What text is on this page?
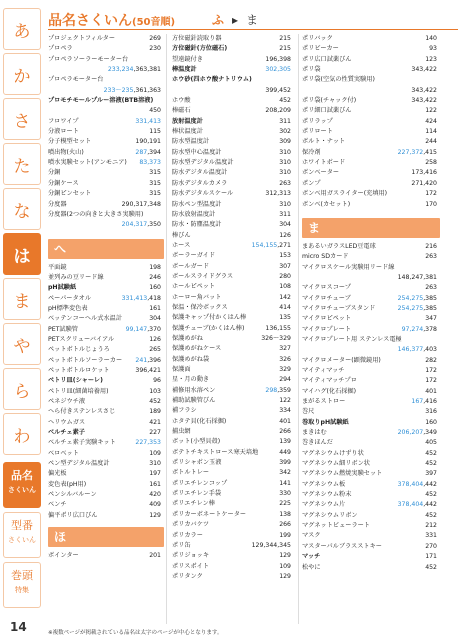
あ
か
さ
た
な
は
ま
や
ら
わ
品名
さくいん
型番
さくいん
巻頭
特集
14
品名さくいん(50音順)	ふ ▸ ま
プロジェクトフィルター	269
プロペラ	230
プロペラソーラーモーター台
233,234,363,381
プロペラモーター台
233～235,361,363
プロモチモールプルー溶液(BTB溶液)
450
フロワイプ	331,413
分液ロート	115
分子模型セット	190,191
噴出物(火山)	287,394
噴水実験セット(アンモニア) 83,373
分銅	315
分銅ケース	315
分銅ピンセット	315
分度器	290,317,348
分度器(2つの向きと大きさ実験用)
204,317,350
へ
平面鏡	198
並列みの豆リード線	246
pH試験紙	160
ペーパータオル	331,413,418
pH標準変色表	161
ベッテンコーヘル式水温計	304
PET試験管	99,147,370
PETスクリューバイアル	126
ペットボトルじょうろ	265
ペットボトルソーラーカー 241,396
ペットボトルロケット	396,421
ペトリ皿(シャーレ)	96
ペトリ皿(細菌培養用)	103
ペネジウチ液	452
ヘら付きステンレスさじ	189
ヘリウムガス	421
ベルチェ素子	227
ベルチェ素子実験キット	227,353
ベロベット	109
ペン型デジタル温度計	310
偏光板	197
変色表(pH用)	161
ペンシルバルーン	420
ベンチ	409
偏平ポリ広口びん	129
ほ
ボインター	201
方位磁針読取り器	215
方位磁針(方位磁石)	215
望遠鏡付き	196,398
棒温度計	302,305
ホウ砂(四ホウ酸ナトリウム)
399,452
ホウ酸	452
棒磁石	208,209
放射温度計	311
棒状温度計	302
防水型温度計	309
防水型中心温度計	310
防水型デジタル温度計	310
防水デジタル温度計	310
防水デジタルカメラ	263
防水デジタルスケール	312,313
防水ペン型温度計	310
防水放射温度計	311
防水・防塵温度計	304
棒びん	126
ホース	154,155,271
ボーラーガイド	153
ボールガード	307
ボールスライドグラス	280
ホールピペット	108
ホーロー角バット	142
保温・保冷ボックス	414
保護キャップ付かくはん棒	135
保護チューブ(かくはん棒)	136,155
保護めがね	326～329
保護めがねケース	327
保護めがね袋	326
保護面	329
星・月の動き	294
補修用水溶ペン	298,359
補助試験管びん	122
補フラシ	334
ホタテ貝(化石採掘)	401
捕虫網	266
ボット(小型貝殻)	139
ボテトチキストロース寒天培地	449
ポリシャボン玉液	399
ボトルトレー	342
ポリエチレンコップ	141
ポリエチレン手袋	330
ポリエチレン棒	225
ポリカーボネートケーター	138
ポリカバケツ	266
ポリカラー	199
ポリ缶	129,344,345
ポリジョッキ	129
ポリスポイト	109
ポリタンク	129
ポリバック	140
ポリビーカー	93
ポリ広口試薬びん	123
ポリ袋	343,422
ポリ袋(空気の性質実験用)
343,422
ポリ袋(チャック付)	343,422
ポリ細口試薬びん	122
ポリラップ	424
ポリロート	114
ボルト・ナット	244
保冷剤	227,372,415
ホワイトボード	258
ボンベーター	173,416
ポンプ	271,420
ボンベ用ガスライター(充填用)	172
ボンベ(カセット)	170
ま
まあるいガラスLED豆電球	216
micro SDカード	263
マイクロスケール実験用リード線
148,247,381
マイクロスコープ	263
マイクロチューブ	254,275,385
マイクロチューブスタンド	254,275,385
マイクロピペット	347
マイクロプレート	97,274,378
マイクロプレート用 ステンレス電極
146,377,403
マイクロメーター(顕微鏡用)	282
マイティマッチ	172
マイティマッチプロ	172
マイハグ(化石採掘)	401
まがるストロー	167,416
巻尺	316
巻取りpH試験紙	160
まきはむ	206,207,349
巻きほんだ	405
マグネシウムけずり状	452
マグネシウム細リボン状	452
マグネシウム燃焼実験セット	397
マグネシウム板	378,404,442
マグネシウム粉末	452
マグネシウム片	378,404,442
マグネシウムリボン	452
マグネットビューラート	212
マスク	331
マスターパルブラスストキー	270
マッチ	171
松やに	452
※複数ページが掲載されている品名は太字のページが中心となります。
